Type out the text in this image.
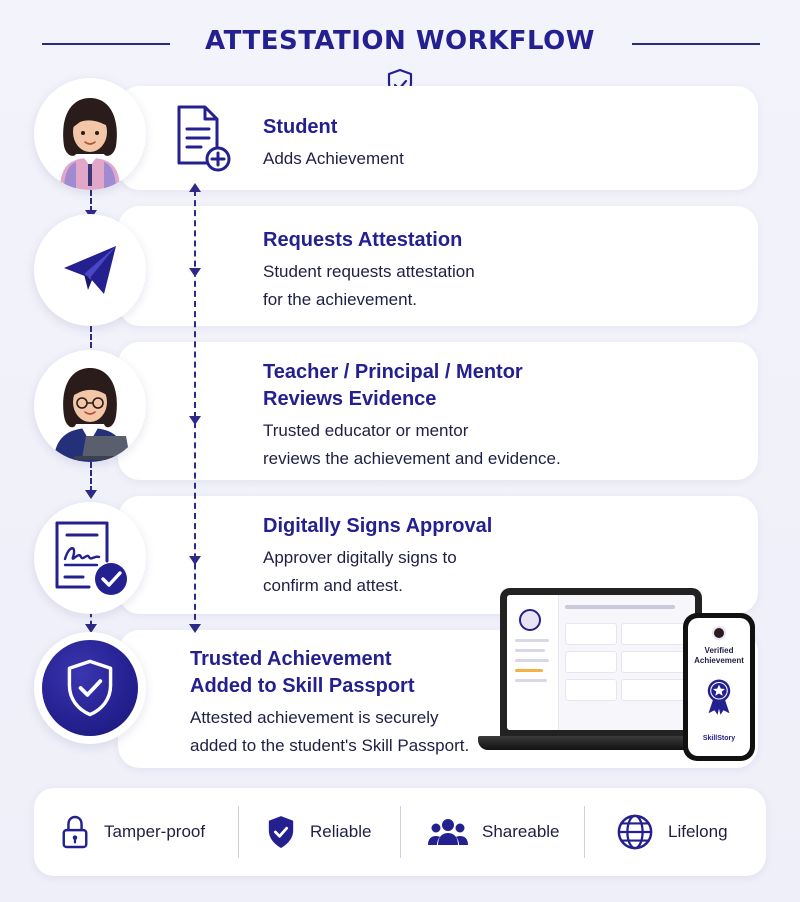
ATTESTATION WORKFLOW
Student
Adds Achievement
Requests Attestation
Student requests attestation
for the achievement.
Teacher / Principal / Mentor
Reviews Evidence
Trusted educator or mentor
reviews the achievement and evidence.
Digitally Signs Approval
Approver digitally signs to
confirm and attest.
Trusted Achievement
Added to Skill Passport
Attested achievement is securely
added to the student's Skill Passport.
Verified
Achievement
SkillStory
Tamper-proof	Reliable	Shareable	Lifelong
